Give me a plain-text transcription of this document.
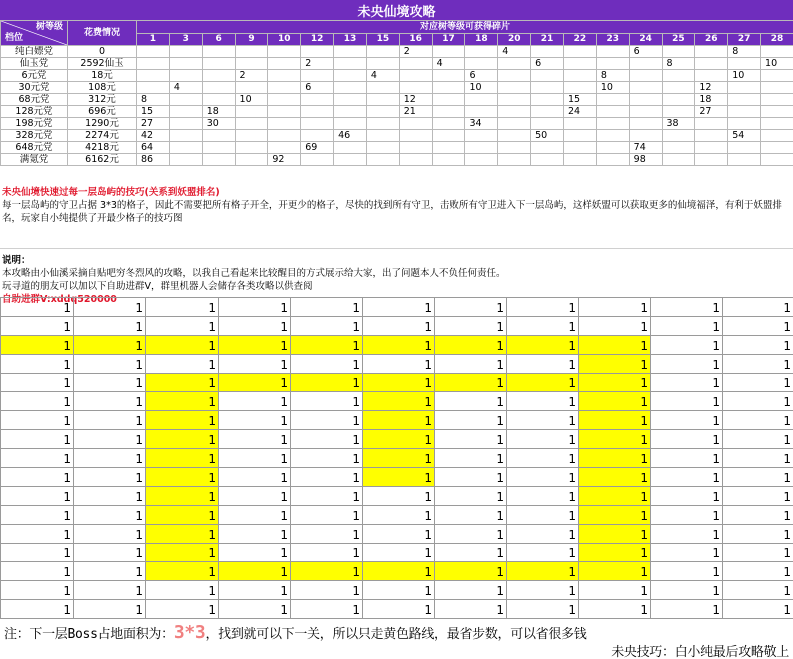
未央仙境攻略
树等级
档位	花费情况	对应树等级可获得碎片																			
		1	3	6	9	10	12	13	15	16	17	18	20	21	22	23	24	25	26	27	28
纯白嫖党	0									2			4				6			8	
仙玉党	2592仙玉						2				4			6				8			10
6元党	18元				2				4			6				8				10	
30元党	108元		4				6					10				10			12		
68元党	312元	8			10					12					15				18		
128元党	696元	15		18						21					24				27		
198元党	1290元	27		30								34						38			
328元党	2274元	42						46						50						54	
648元党	4218元	64					69										74				
满氪党	6162元	86				92											98				
未央仙境快速过每一层岛屿的技巧(关系到妖盟排名)
每一层岛屿的守卫占据 3*3的格子，因此不需要把所有格子开全，开更少的格子，尽快的找到所有守卫，击败所有守卫进入下一层岛屿，这样妖盟可以获取更多的仙境福泽，有利于妖盟排名，玩家自小纯提供了开最少格子的技巧图
说明：
本攻略由小仙溪采摘自贴吧穷冬烈风的攻略，以我自己看起来比较醒目的方式展示给大家，出了问题本人不负任何责任。
玩寻道的朋友可以加以下自助进群V，群里机器人会储存各类攻略以供查阅
自助进群V:xddq520000
1	1	1	1	1	1	1	1	1	1	1
1	1	1	1	1	1	1	1	1	1	1
1	1	1	1	1	1	1	1	1	1	1
1	1	1	1	1	1	1	1	1	1	1
1	1	1	1	1	1	1	1	1	1	1
1	1	1	1	1	1	1	1	1	1	1
1	1	1	1	1	1	1	1	1	1	1
1	1	1	1	1	1	1	1	1	1	1
1	1	1	1	1	1	1	1	1	1	1
1	1	1	1	1	1	1	1	1	1	1
1	1	1	1	1	1	1	1	1	1	1
1	1	1	1	1	1	1	1	1	1	1
1	1	1	1	1	1	1	1	1	1	1
1	1	1	1	1	1	1	1	1	1	1
1	1	1	1	1	1	1	1	1	1	1
1	1	1	1	1	1	1	1	1	1	1
1	1	1	1	1	1	1	1	1	1	1
注：下一层Boss占地面积为：3*3，找到就可以下一关，所以只走黄色路线，最省步数，可以省很多钱
未央技巧：白小纯最后攻略敬上
